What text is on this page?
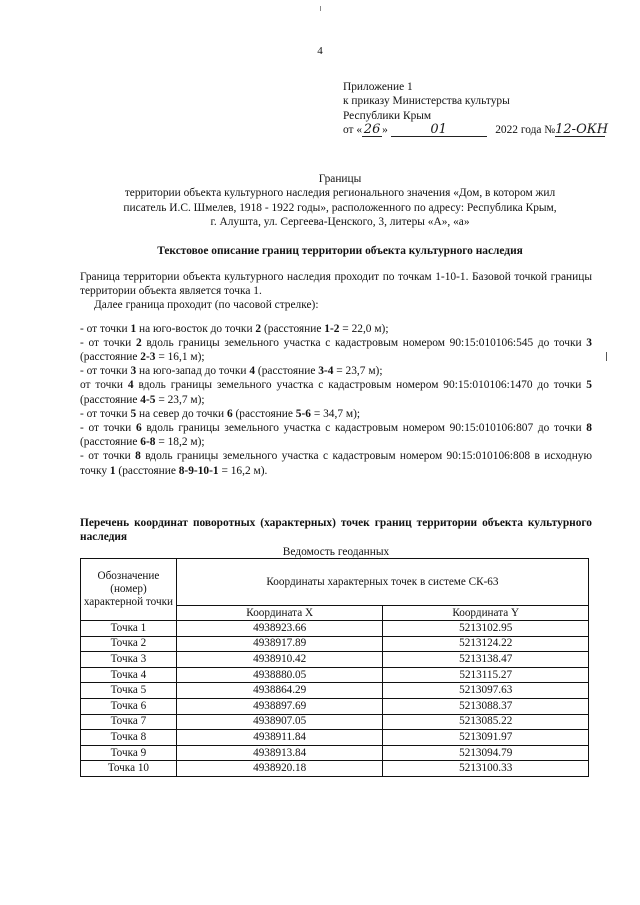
4
Приложение 1
к приказу Министерства культуры
Республики Крым
от « 26 »	01	2022 года №12-ОКН
Границы
территории объекта культурного наследия регионального значения «Дом, в котором жил
писатель И.С. Шмелев, 1918 - 1922 годы», расположенного по адресу: Республика Крым,
г. Алушта, ул. Сергеева-Ценского, 3, литеры «А», «а»
Текстовое описание границ территории объекта культурного наследия

Граница территории объекта культурного наследия проходит по точкам 1-10-1. Базовой точкой границы территории объекта является точка 1.

Далее граница проходит (по часовой стрелке):

- от точки 1 на юго-восток до точки 2 (расстояние 1-2 = 22,0 м);

- от точки 2 вдоль границы земельного участка с кадастровым номером 90:15:010106:545 до точки 3 (расстояние 2-3 = 16,1 м);

- от точки 3 на юго-запад до точки 4 (расстояние 3-4 = 23,7 м);

от точки 4 вдоль границы земельного участка с кадастровым номером 90:15:010106:1470 до точки 5 (расстояние 4-5 = 23,7 м);

- от точки 5 на север до точки 6 (расстояние 5-6 = 34,7 м);

- от точки 6 вдоль границы земельного участка с кадастровым номером 90:15:010106:807 до точки 8 (расстояние 6-8 = 18,2 м);

- от точки 8 вдоль границы земельного участка с кадастровым номером 90:15:010106:808 в исходную точку 1 (расстояние 8-9-10-1 = 16,2 м).

Перечень координат поворотных (характерных) точек границ территории объекта культурного наследия
Ведомость геоданных
Обозначение (номер) характерной точки	Координаты характерных точек в системе СК-63	
	Координата X	Координата Y
Точка 1	4938923.66	5213102.95
Точка 2	4938917.89	5213124.22
Точка 3	4938910.42	5213138.47
Точка 4	4938880.05	5213115.27
Точка 5	4938864.29	5213097.63
Точка 6	4938897.69	5213088.37
Точка 7	4938907.05	5213085.22
Точка 8	4938911.84	5213091.97
Точка 9	4938913.84	5213094.79
Точка 10	4938920.18	5213100.33
